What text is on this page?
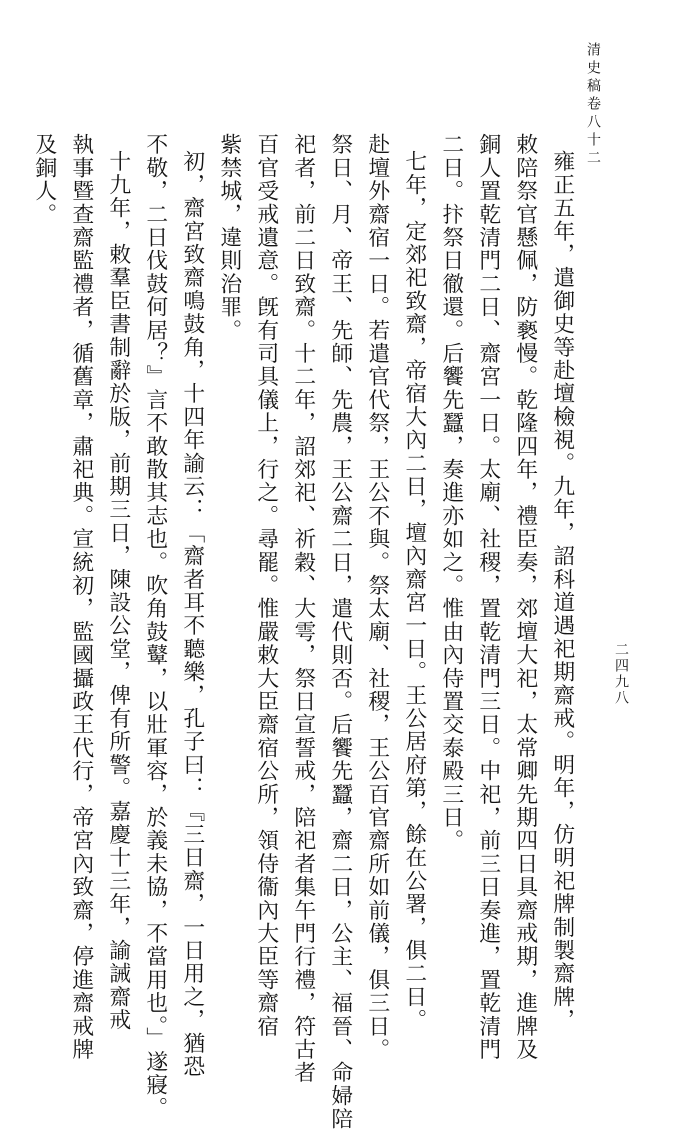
清史稿卷八十二
二四九八
雍正五年，遣御史等赴壇檢視。九年，詔科道遇祀期齋戒。明年，仿明祀牌制製齋牌，
敕陪祭官懸佩，防褻慢。乾隆四年，禮臣奏，郊壇大祀，太常卿先期四日具齋戒期，進牌及
銅人置乾清門二日、齋宮一日。太廟、社稷，置乾清門三日。中祀，前三日奏進，置乾清門
二日。抃祭日徹還。后饗先蠶，奏進亦如之。惟由內侍置交泰殿三日。
七年，定郊祀致齋，帝宿大內二日，壇內齋宮一日。王公居府第，餘在公署，俱二日。
赴壇外齋宿一日。若遣官代祭，王公不與。祭太廟、社稷，王公百官齋所如前儀，俱三日。
祭日、月、帝王、先師、先農，王公齋二日，遣代則否。后饗先蠶，齋二日，公主、福晉、命婦陪
祀者，前二日致齋。十二年，詔郊祀、祈穀、大雩，祭日宣誓戒，陪祀者集午門行禮，符古者
百官受戒遺意。旣有司具儀上，行之。尋罷。惟嚴敕大臣齋宿公所，領侍衞內大臣等齋宿
紫禁城，違則治罪。
初，齋宮致齋鳴鼓角，十四年諭云：「齋者耳不聽樂，孔子曰：『三日齋，一日用之，猶恐
不敬，二日伐鼓何居？』言不敢散其志也。吹角鼓鼙，以壯軍容，於義未協，不當用也。」遂寢。
十九年，敕羣臣書制辭於版，前期三日，陳設公堂，俾有所警。嘉慶十三年，諭誡齋戒
執事暨查齋監禮者，循舊章，肅祀典。宣統初，監國攝政王代行，帝宮內致齋，停進齋戒牌
及銅人。
